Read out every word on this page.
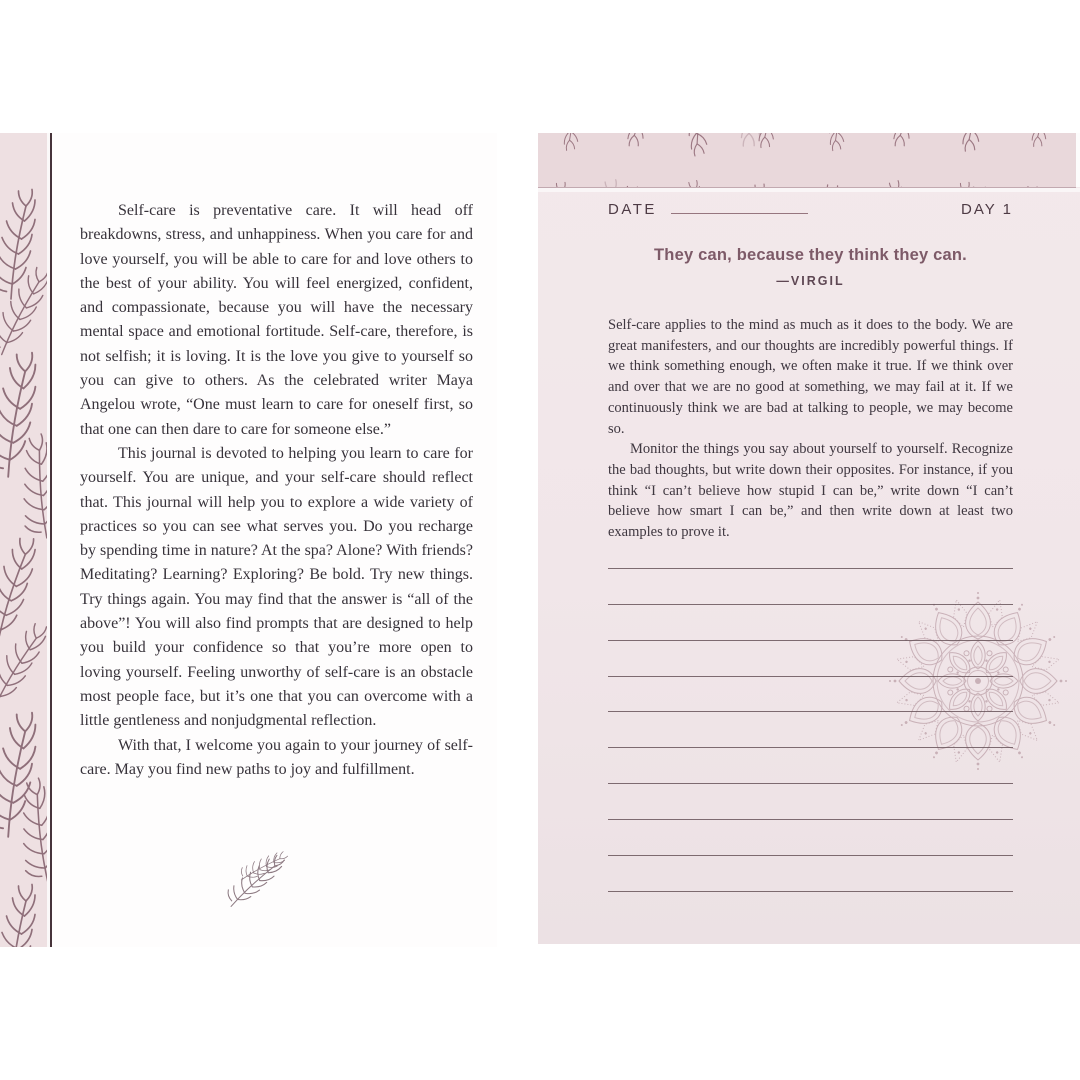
Self-care is preventative care. It will head off breakdowns, stress, and unhappiness. When you care for and love yourself, you will be able to care for and love others to the best of your ability. You will feel energized, confident, and compassionate, because you will have the necessary mental space and emotional fortitude. Self-care, therefore, is not selfish; it is loving. It is the love you give to yourself so you can give to others. As the celebrated writer Maya Angelou wrote, “One must learn to care for oneself first, so that one can then dare to care for someone else.”

This journal is devoted to helping you learn to care for yourself. You are unique, and your self-care should reflect that. This journal will help you to explore a wide variety of practices so you can see what serves you. Do you recharge by spending time in nature? At the spa? Alone? With friends? Meditating? Learning? Exploring? Be bold. Try new things. Try things again. You may find that the answer is “all of the above”! You will also find prompts that are designed to help you build your confidence so that you’re more open to loving yourself. Feeling unworthy of self-care is an obstacle most people face, but it’s one that you can overcome with a little gentleness and nonjudgmental reflection.

With that, I welcome you again to your journey of self-care. May you find new paths to joy and fulfillment.

DATE	DAY 1
They can, because they think they can.
—VIRGIL

Self-care applies to the mind as much as it does to the body. We are great manifesters, and our thoughts are incredibly powerful things. If we think something enough, we often make it true. If we think over and over that we are no good at something, we may fail at it. If we continuously think we are bad at talking to people, we may become so.

Monitor the things you say about yourself to yourself. Recognize the bad thoughts, but write down their opposites. For instance, if you think “I can’t believe how stupid I can be,” write down “I can’t believe how smart I can be,” and then write down at least two examples to prove it.
